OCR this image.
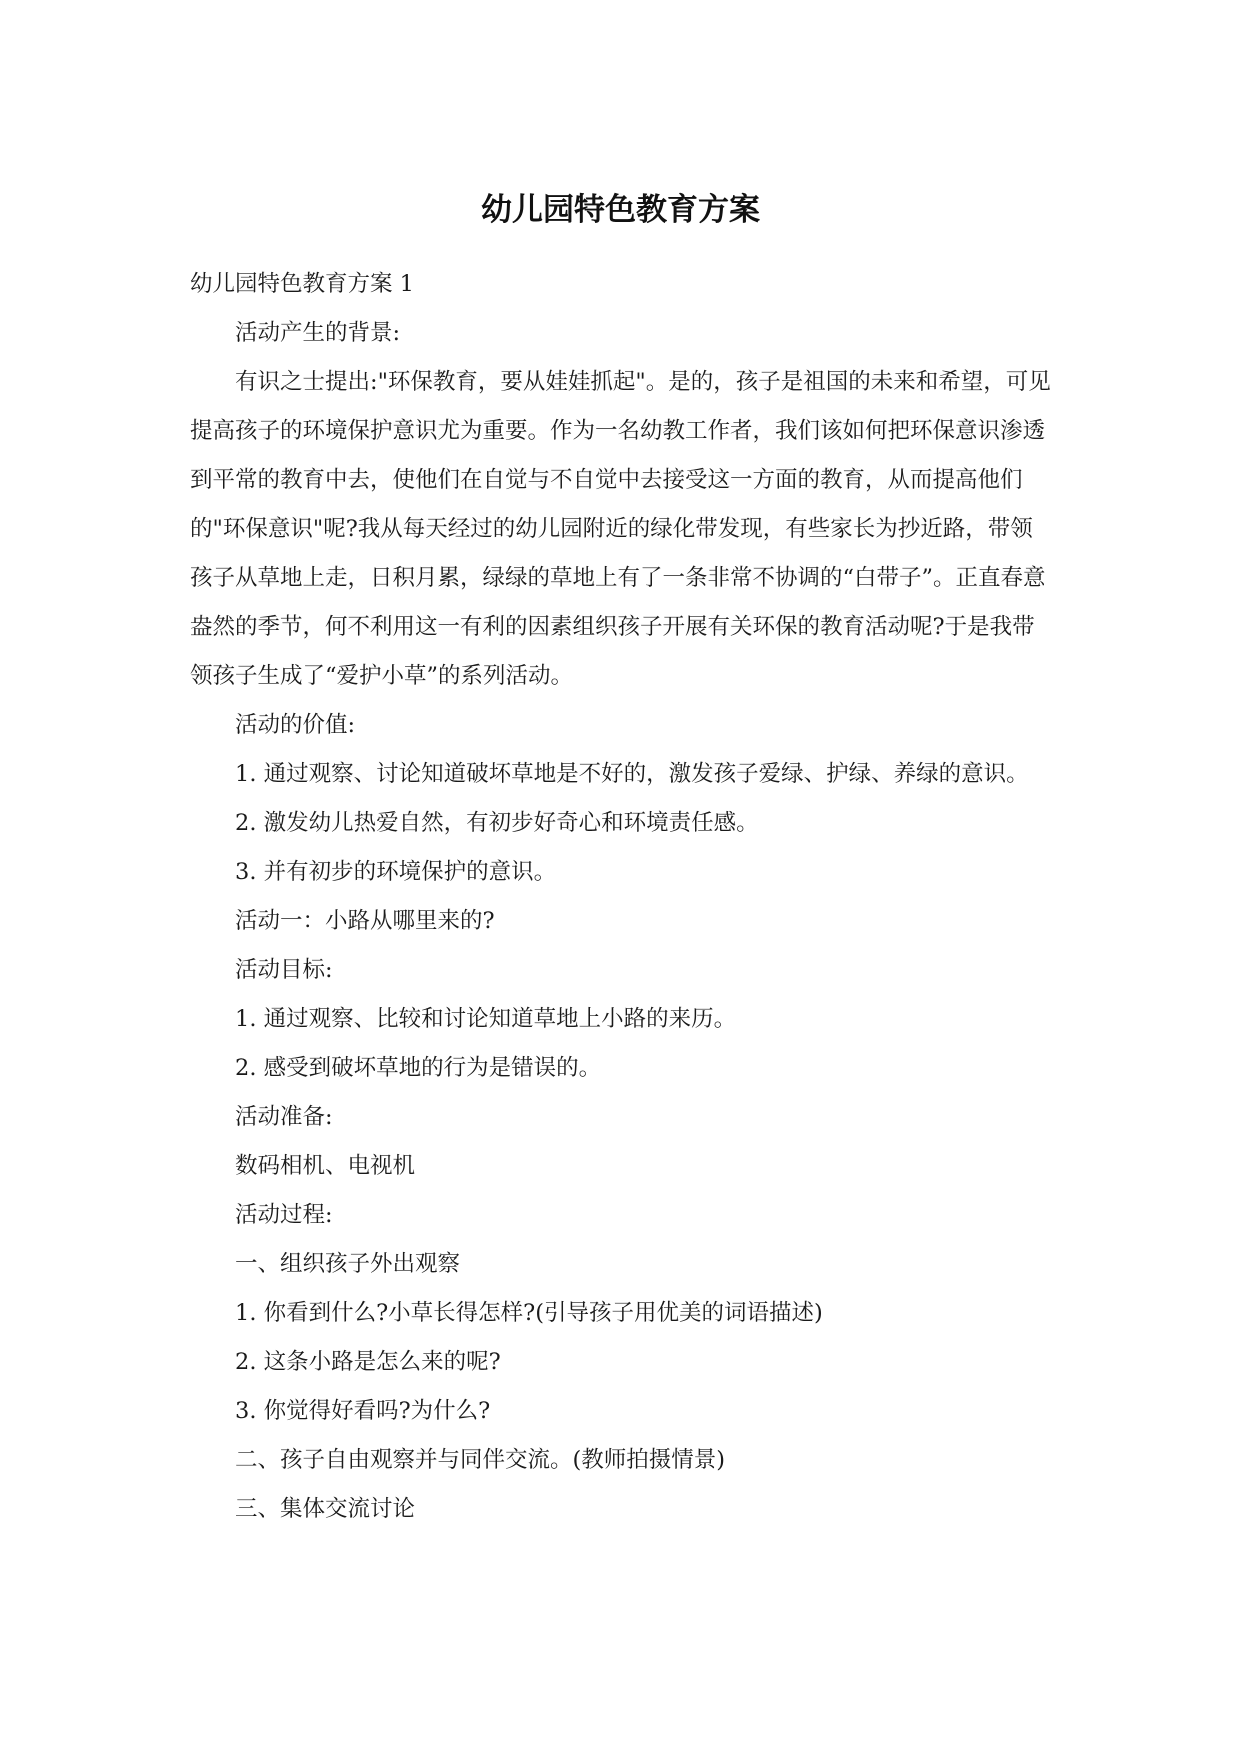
幼儿园特色教育方案

幼儿园特色教育方案 1

活动产生的背景:

有识之士提出:"环保教育，要从娃娃抓起"。是的，孩子是祖国的未来和希望，可见提高孩子的环境保护意识尤为重要。作为一名幼教工作者，我们该如何把环保意识渗透到平常的教育中去，使他们在自觉与不自觉中去接受这一方面的教育，从而提高他们的"环保意识"呢?我从每天经过的幼儿园附近的绿化带发现，有些家长为抄近路，带领孩子从草地上走，日积月累，绿绿的草地上有了一条非常不协调的“白带子”。正直春意盎然的季节，何不利用这一有利的因素组织孩子开展有关环保的教育活动呢?于是我带领孩子生成了“爱护小草”的系列活动。

活动的价值:

1. 通过观察、讨论知道破坏草地是不好的，激发孩子爱绿、护绿、养绿的意识。

2. 激发幼儿热爱自然，有初步好奇心和环境责任感。

3. 并有初步的环境保护的意识。

活动一：小路从哪里来的?

活动目标:

1. 通过观察、比较和讨论知道草地上小路的来历。

2. 感受到破坏草地的行为是错误的。

活动准备:

数码相机、电视机

活动过程:

一、组织孩子外出观察

1. 你看到什么?小草长得怎样?(引导孩子用优美的词语描述)

2. 这条小路是怎么来的呢?

3. 你觉得好看吗?为什么?

二、孩子自由观察并与同伴交流。(教师拍摄情景)

三、集体交流讨论
